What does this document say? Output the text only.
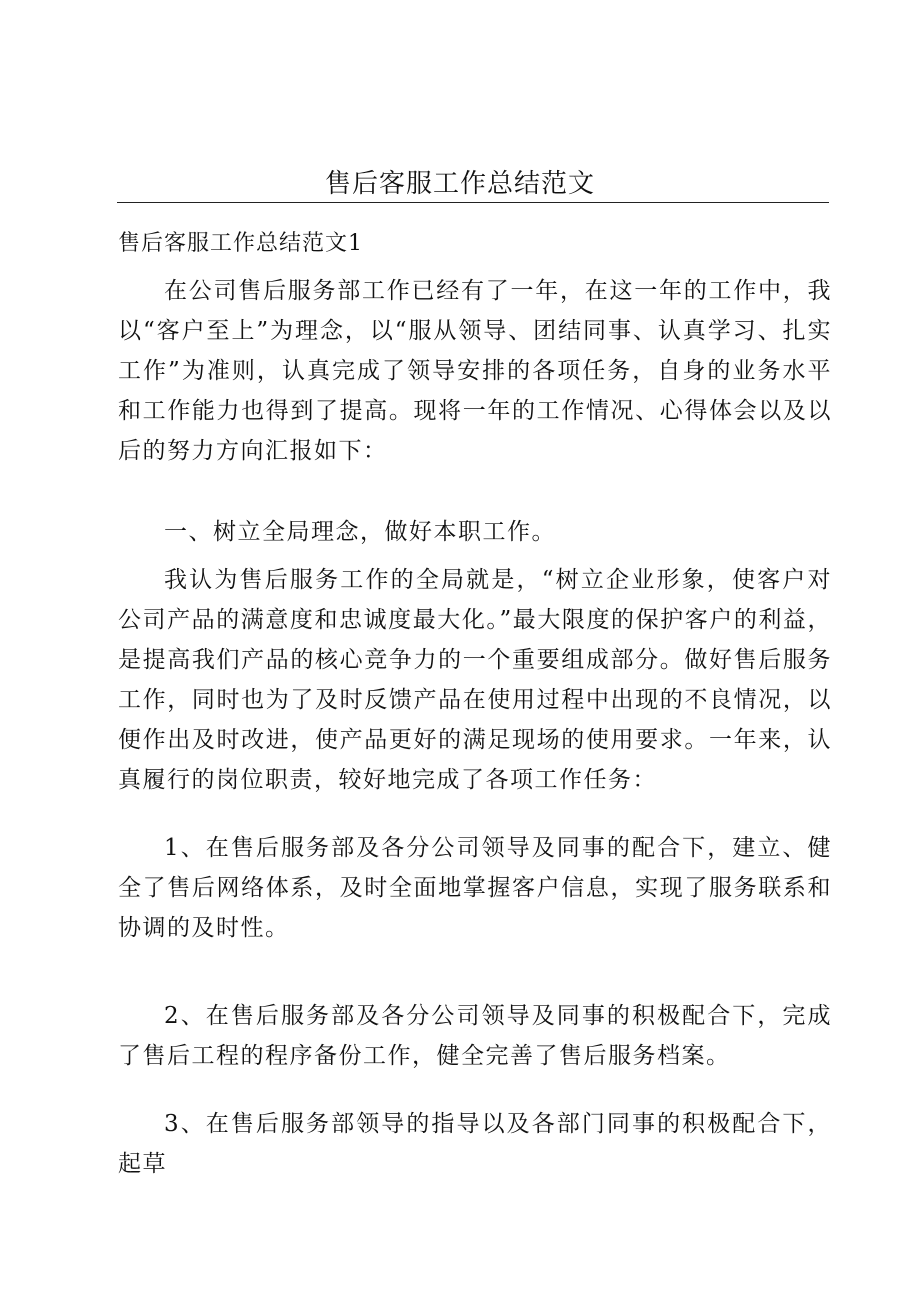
售后客服工作总结范文
售后客服工作总结范文1

在公司售后服务部工作已经有了一年，在这一年的工作中，我以“客户至上”为理念，以“服从领导、团结同事、认真学习、扎实工作”为准则，认真完成了领导安排的各项任务，自身的业务水平和工作能力也得到了提高。现将一年的工作情况、心得体会以及以后的努力方向汇报如下：

一、树立全局理念，做好本职工作。

我认为售后服务工作的全局就是，“树立企业形象，使客户对公司产品的满意度和忠诚度最大化。”最大限度的保护客户的利益，是提高我们产品的核心竞争力的一个重要组成部分。做好售后服务工作，同时也为了及时反馈产品在使用过程中出现的不良情况，以便作出及时改进，使产品更好的满足现场的使用要求。一年来，认真履行的岗位职责，较好地完成了各项工作任务：

1、在售后服务部及各分公司领导及同事的配合下，建立、健全了售后网络体系，及时全面地掌握客户信息，实现了服务联系和协调的及时性。

2、在售后服务部及各分公司领导及同事的积极配合下，完成了售后工程的程序备份工作，健全完善了售后服务档案。

3、在售后服务部领导的指导以及各部门同事的积极配合下，起草
